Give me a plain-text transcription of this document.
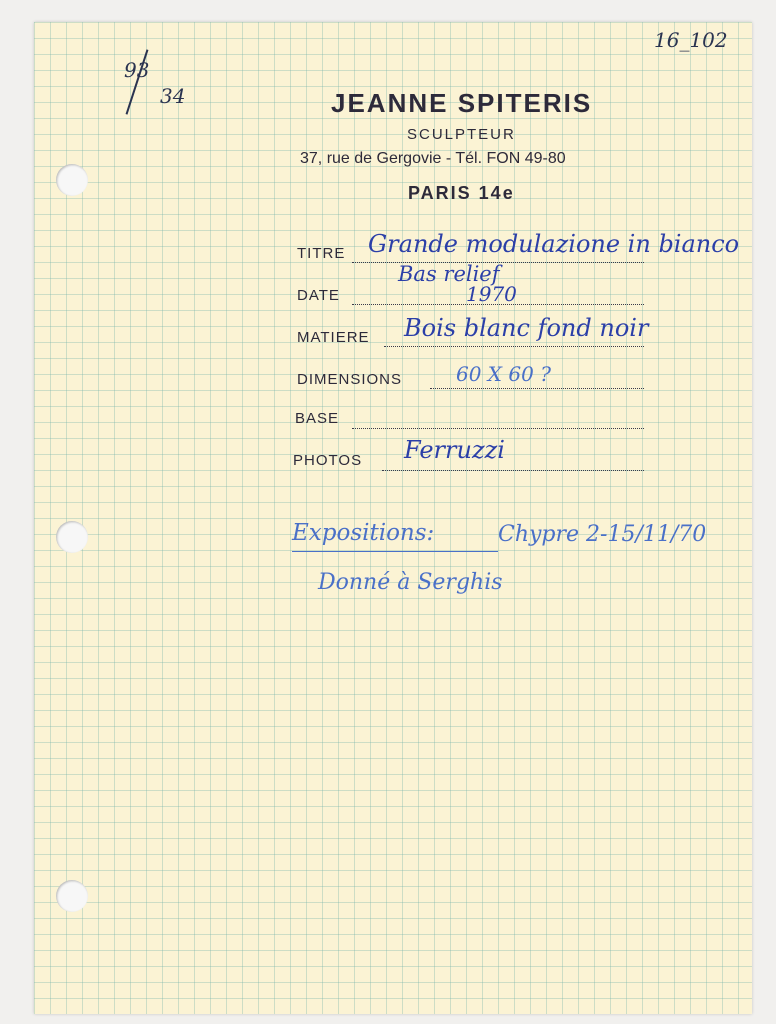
93
34
16_102
JEANNE SPITERIS
SCULPTEUR
37, rue de Gergovie - Tél. FON 49-80
PARIS 14e
TITRE Grande modulazione in bianco
Bas relief
DATE	1970
MATIERE Bois blanc fond noir
DIMENSIONS	60 X 60 ?
BASE
PHOTOS Ferruzzi
Expositions:	Chypre 2-15/11/70
Donné à Serghis
